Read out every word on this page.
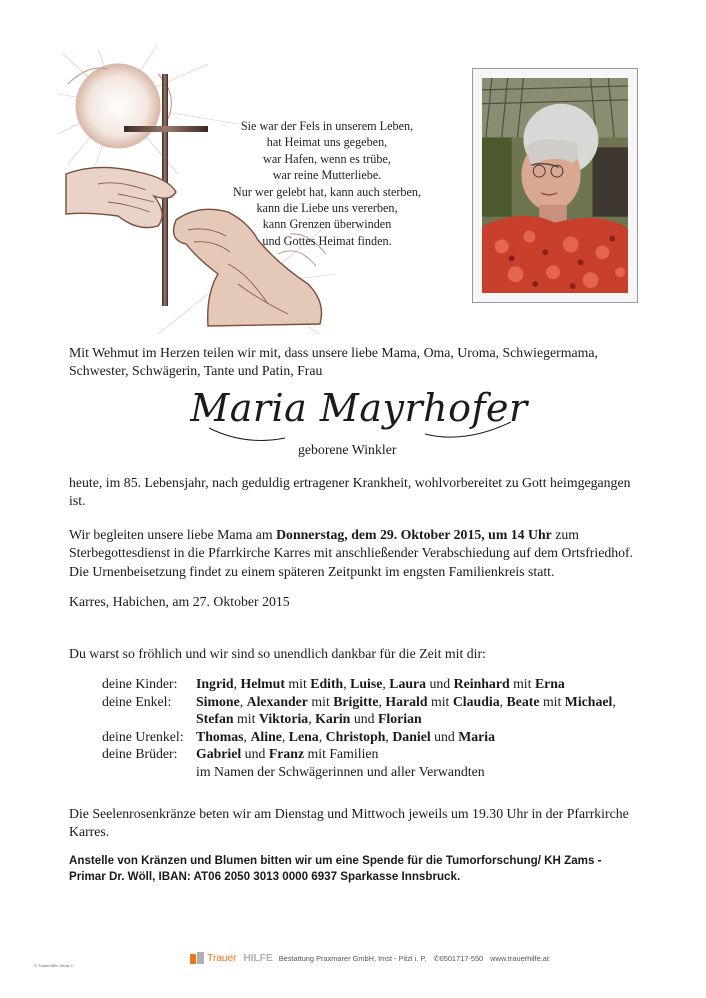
Sie war der Fels in unserem Leben,
hat Heimat uns gegeben,
war Hafen, wenn es trübe,
war reine Mutterliebe.
Nur wer gelebt hat, kann auch sterben,
kann die Liebe uns vererben,
kann Grenzen überwinden
und Gottes Heimat finden.
Mit Wehmut im Herzen teilen wir mit, dass unsere liebe Mama, Oma, Uroma, Schwiegermama, Schwester, Schwägerin, Tante und Patin, Frau
Maria Mayrhofer
geborene Winkler
heute, im 85. Lebensjahr, nach geduldig ertragener Krankheit, wohlvorbereitet zu Gott heimgegangen ist.
Wir begleiten unsere liebe Mama am Donnerstag, dem 29. Oktober 2015, um 14 Uhr zum Sterbegottesdienst in die Pfarrkirche Karres mit anschließender Verabschiedung auf dem Ortsfriedhof. Die Urnenbeisetzung findet zu einem späteren Zeitpunkt im engsten Familienkreis statt.
Karres, Habichen, am 27. Oktober 2015
Du warst so fröhlich und wir sind so unendlich dankbar für die Zeit mit dir:
deine Kinder:	Ingrid, Helmut mit Edith, Luise, Laura und Reinhard mit Erna
deine Enkel:	Simone, Alexander mit Brigitte, Harald mit Claudia, Beate mit Michael,
Stefan mit Viktoria, Karin und Florian
deine Urenkel: Thomas, Aline, Lena, Christoph, Daniel und Maria
deine Brüder:	Gabriel und Franz mit Familien
im Namen der Schwägerinnen und aller Verwandten
Die Seelenrosenkränze beten wir am Dienstag und Mittwoch jeweils um 19.30 Uhr in der Pfarrkirche Karres.
Anstelle von Kränzen und Blumen bitten wir um eine Spende für die Tumorforschung/ KH Zams - Primar Dr. Wöll, IBAN: AT06 2050 3013 0000 6937 Sparkasse Innsbruck.
© TrauerHilfe „Motiv 1“
Trauer HILFE Bestattung Praxmarer GmbH, Imst - Pitzl i. P. ✆0501717-550 www.trauerhilfe.at
